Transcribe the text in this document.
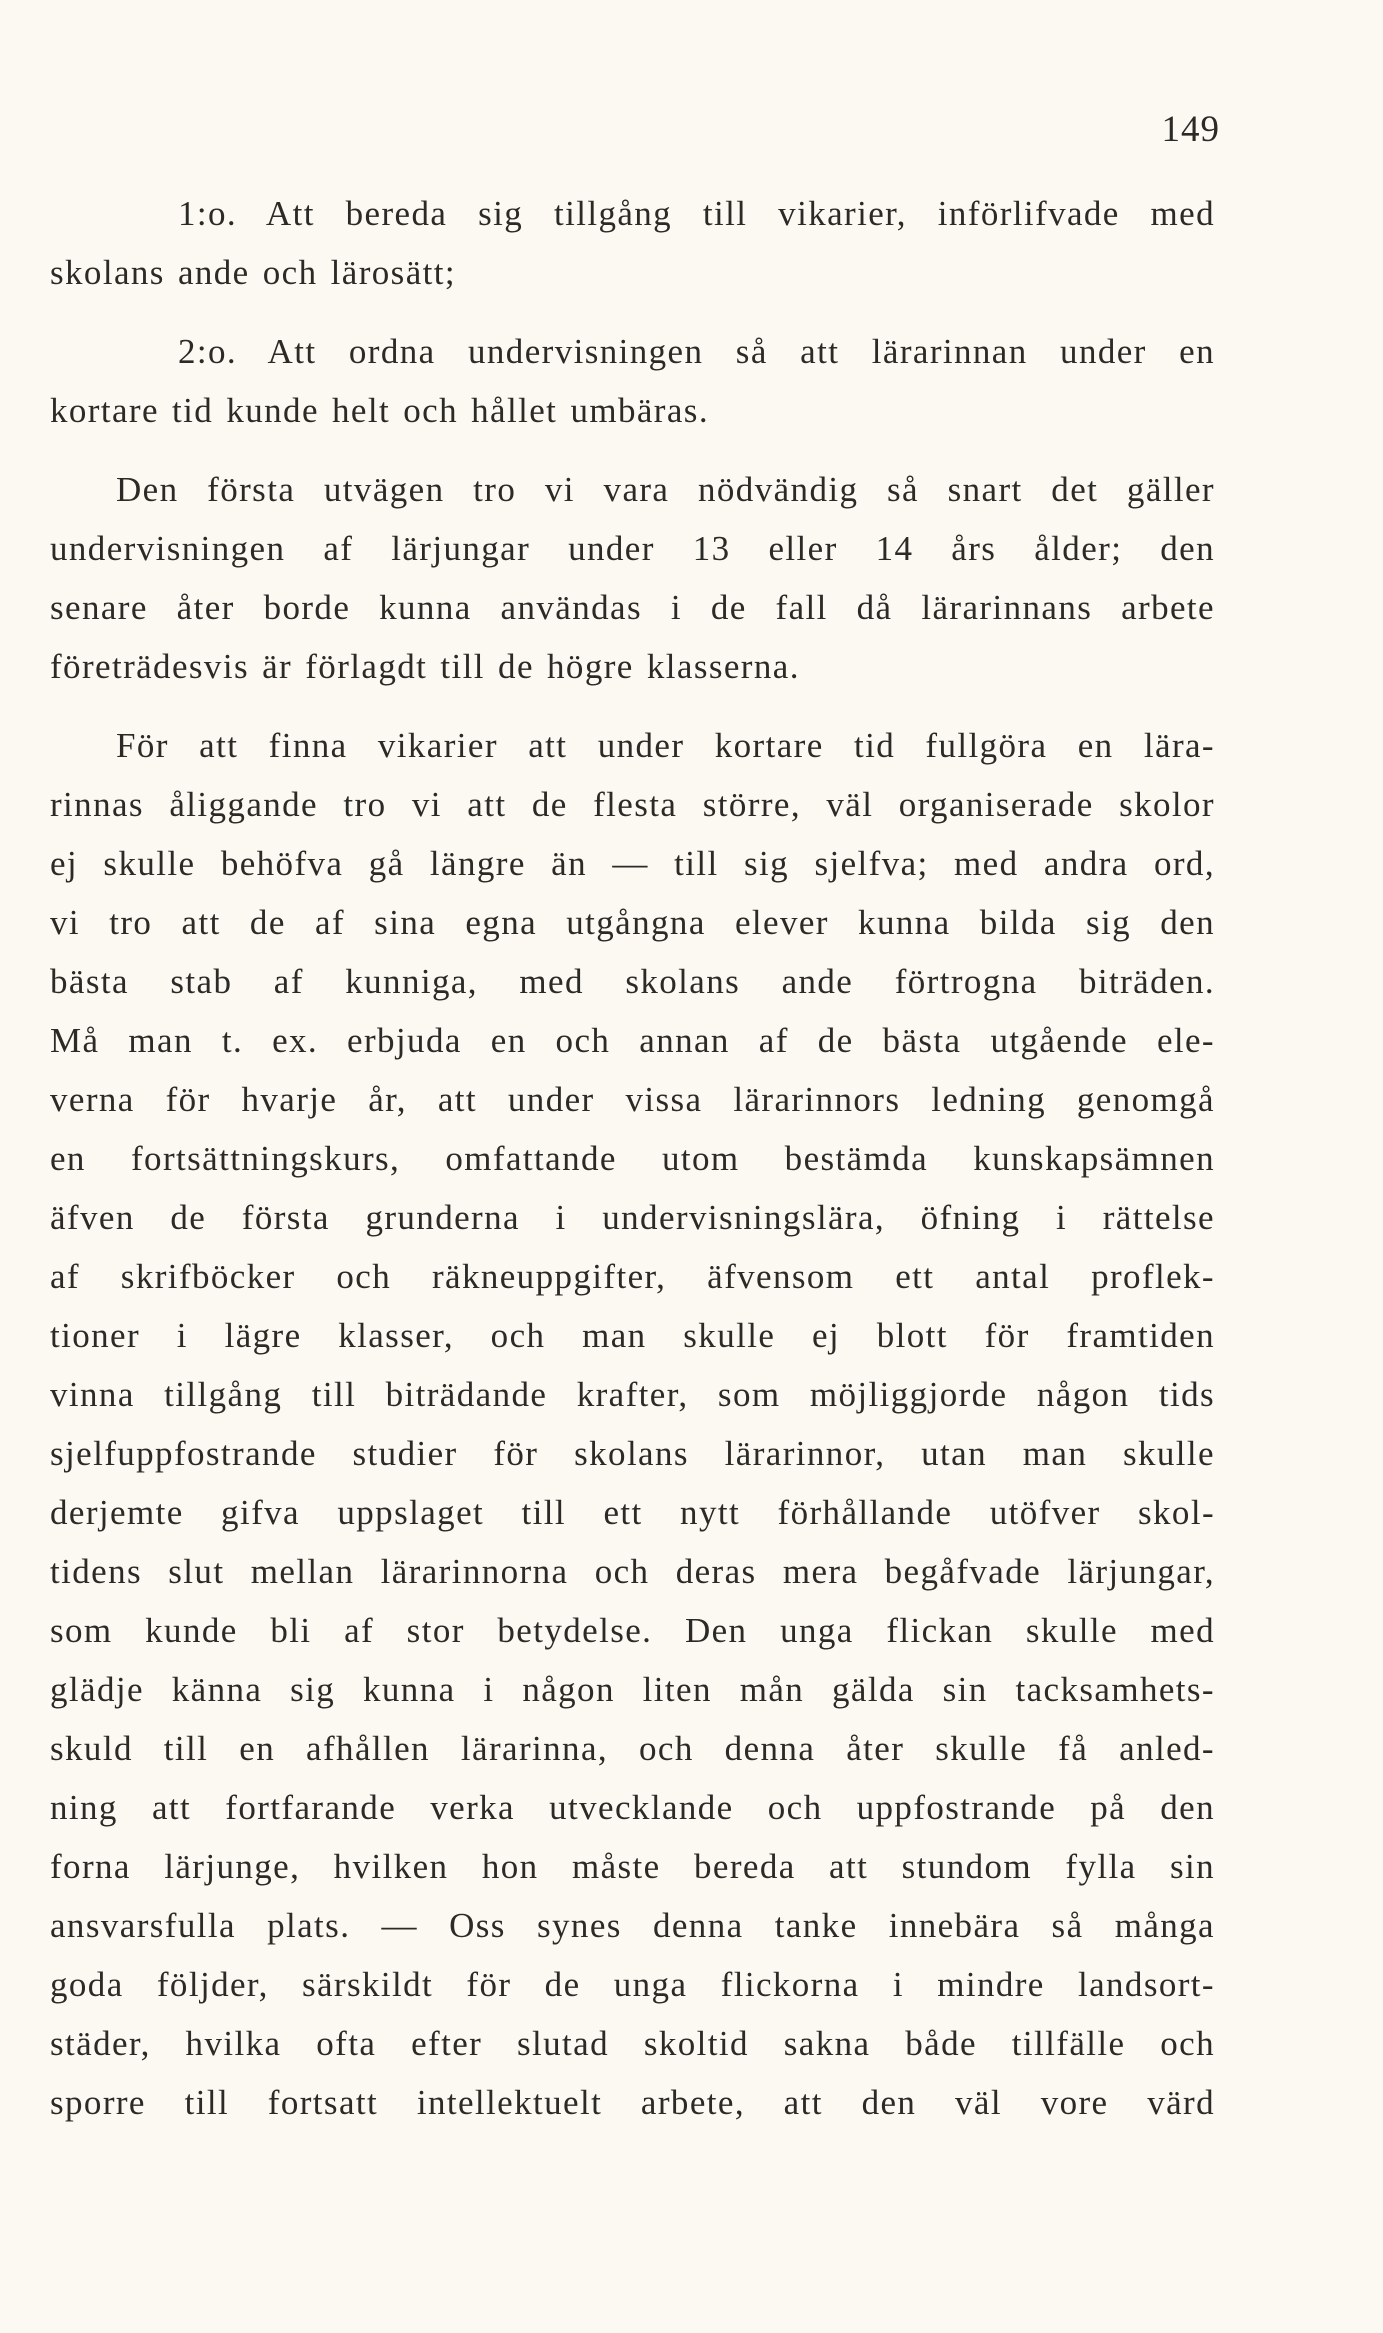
149
1:o. Att bereda sig tillgång till vikarier, införlifvade med
skolans ande och lärosätt;
2:o. Att ordna undervisningen så att lärarinnan under en
kortare tid kunde helt och hållet umbäras.
Den första utvägen tro vi vara nödvändig så snart det gäller
undervisningen af lärjungar under 13 eller 14 års ålder; den
senare åter borde kunna användas i de fall då lärarinnans arbete
företrädesvis är förlagdt till de högre klasserna.
För att finna vikarier att under kortare tid fullgöra en lära-
rinnas åliggande tro vi att de flesta större, väl organiserade skolor
ej skulle behöfva gå längre än — till sig sjelfva; med andra ord,
vi tro att de af sina egna utgångna elever kunna bilda sig den
bästa stab af kunniga, med skolans ande förtrogna biträden.
Må man t. ex. erbjuda en och annan af de bästa utgående ele-
verna för hvarje år, att under vissa lärarinnors ledning genomgå
en fortsättningskurs, omfattande utom bestämda kunskapsämnen
äfven de första grunderna i undervisningslära, öfning i rättelse
af skrifböcker och räkneuppgifter, äfvensom ett antal proflek-
tioner i lägre klasser, och man skulle ej blott för framtiden
vinna tillgång till biträdande krafter, som möjliggjorde någon tids
sjelfuppfostrande studier för skolans lärarinnor, utan man skulle
derjemte gifva uppslaget till ett nytt förhållande utöfver skol-
tidens slut mellan lärarinnorna och deras mera begåfvade lärjungar,
som kunde bli af stor betydelse. Den unga flickan skulle med
glädje känna sig kunna i någon liten mån gälda sin tacksamhets-
skuld till en afhållen lärarinna, och denna åter skulle få anled-
ning att fortfarande verka utvecklande och uppfostrande på den
forna lärjunge, hvilken hon måste bereda att stundom fylla sin
ansvarsfulla plats. — Oss synes denna tanke innebära så många
goda följder, särskildt för de unga flickorna i mindre landsort-
städer, hvilka ofta efter slutad skoltid sakna både tillfälle och
sporre till fortsatt intellektuelt arbete, att den väl vore värd
